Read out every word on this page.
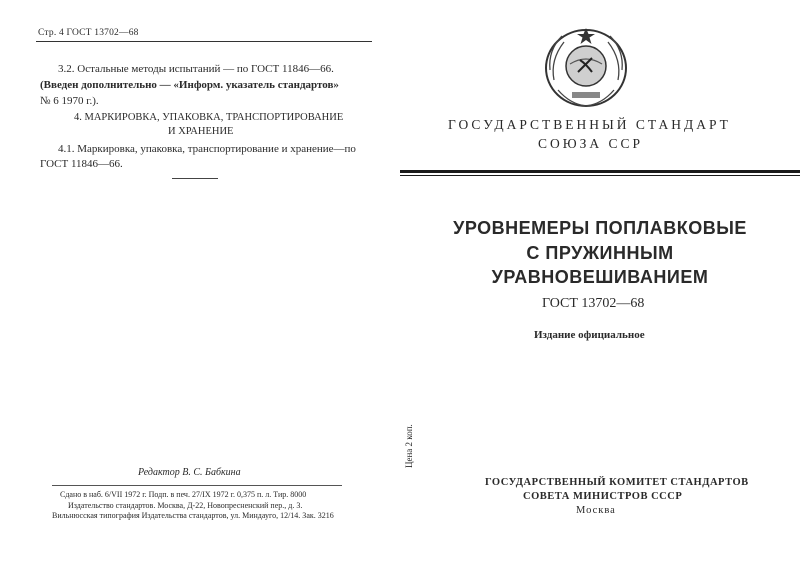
Стр. 4 ГОСТ 13702—68
3.2. Остальные методы испытаний — по ГОСТ 11846—66.
(Введен дополнительно — «Информ. указатель стандартов»
№ 6 1970 г.).
4. МАРКИРОВКА, УПАКОВКА, ТРАНСПОРТИРОВАНИЕ
И ХРАНЕНИЕ
4.1. Маркировка, упаковка, транспортирование и хранение—по
ГОСТ 11846—66.
Редактор В. С. Бабкина
Сдано в наб. 6/VII 1972 г. Подп. в печ. 27/IX 1972 г. 0,375 п. л. Тир. 8000
Издательство стандартов. Москва, Д-22, Новопресненский пер., д. 3.
Вильнюсская типография Издательства стандартов, ул. Миндауго, 12/14. Зак. 3216
ГОСУДАРСТВЕННЫЙ СТАНДАРТ
СОЮЗА ССР
УРОВНЕМЕРЫ ПОПЛАВКОВЫЕ
С ПРУЖИННЫМ
УРАВНОВЕШИВАНИЕМ
ГОСТ 13702—68
Издание официальное
Цена 2 коп.
ГОСУДАРСТВЕННЫЙ КОМИТЕТ СТАНДАРТОВ
СОВЕТА МИНИСТРОВ СССР
Москва
